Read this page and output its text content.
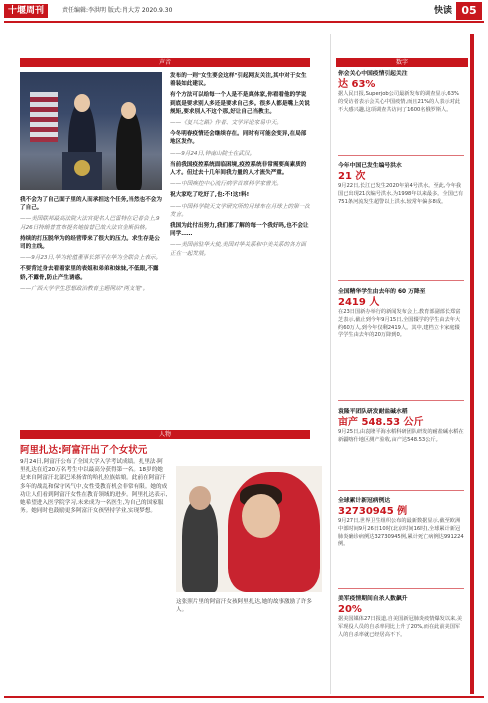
十堰周刊	责任编辑:李洪明 版式:肖大芳 2020.9.30	快读 05
声音

我不会为了自己面子里的人而承担这个任务,当然也不会为了自己。

——美国联邦最高法院大法官提名人巴雷特在记者会上,9月26日特朗普宣布提名她接替已故大法官金斯伯格。

持续的打压脱华为的经营带来了很大的压力。求生存是公司的主线。

——9月23日,华为轮值董事长郭平在华为全联会上表示。

不要背过身去看着家里的表姐和弟弟和妹妹,不低眼,不露娇,不露骨,防止产生诱惑。

——广西大学学生思想政治教育主题网站"两支笔"。

发布的一则"女生要会这样"引起网友关注,其中对于女生着装如此建议。

有个方法可以给每一个人是不是真体家,你看看他的学说到底是要求别人多还是要求自己多。很多人都是嘴上关说规矩,要求别人不这个那,好让自己当教主。

——《复兴之路》作者、文学评论家易中天。

今冬明春疫情还会继续存在。同时有可能会变异,在局部地区发作。

——9月24日,钟南山院士在武汉。

当前我国疫控系统面临困境,疫控系统非常需要高素质的人才。但过去十几年间我力量的人才流失严重。

——中国疾控中心流行病学首席科学家曾光。

祝大家吃了吃好了,也:不!这!料!

——中国科学院天文学研究所的月球车在月球上的第一次发言。

我国为此付出努力,我们都了解的每一个我好吗,也不会让同学……

——美国前驻华大使,美国对华关系和中美关系的各方面正在一起发展。

人物
阿里扎达:阿富汗出了个女状元
9月24日,阿富汗公布了全国大学入学考试成绩。扎里法·阿里扎达在近20万名考生中以最高分获得第一名。18岁的她是来自阿富汗北部巴米扬省的哈扎拉族姑娘。此前在阿富汗多年的战乱和保守风气中,女性受教育机会非常有限。她的成功让人们看到阿富汗女性在教育领域的进步。阿里扎达表示,她希望进入医学院学习,未来成为一名医生,为自己的国家服务。她同时也鼓励更多阿富汗女孩坚持学业,实现梦想。
这张照片里的阿富汗女孩阿里扎达,她的故事激励了许多人。
数字
你会关心中国疫情引起关注
达 63%
据人民日报,Superjob公司最新发布的调查显示,63%的受访者表示会关心中国疫情,而且21%的人表示对此不大感兴趣,这项调查共访问了1600名俄罗斯人。
今年中国已发生编号洪水
21 次
9月22日,长江已发生2020年第4号洪水。至此,今年我国已出现21次编号洪水,为1998年以来最多。全国已有751条河流发生超警以上洪水,较常年偏多8成。
全国精华学生由去年的 60 万降至
2419 人
在23日国新办举行的新闻发布会上,教育部副部长郑富芝表示,截止到今年9月15日,全国辍学的学生由去年大约60万人,到今年仅剩2419人。其中,建档立卡家庭辍学学生由去年的20万降到0。
袁隆平团队研发耐盐碱水稻
亩产 548.53 公斤
9月25日,由袁隆平海水稻科研团队研发的耐盐碱水稻在新疆喀什地区测产验收,亩产达548.53公斤。
全球累计新冠病例达
32730945 例
9月27日,世界卫生组织公布的最新数据显示,截至欧洲中部时间9月26日10时(北京时间16时),全球累计新冠肺炎确诊病例达32730945例,累计死亡病例达991224例。
美军疫情期间自杀人数飙升
20%
据美国媒体27日报道,自美国新冠肺炎疫情爆发以来,美军现役人员的自杀率同比上升了20%,而在此前美国军人的自杀率就已经居高不下。
